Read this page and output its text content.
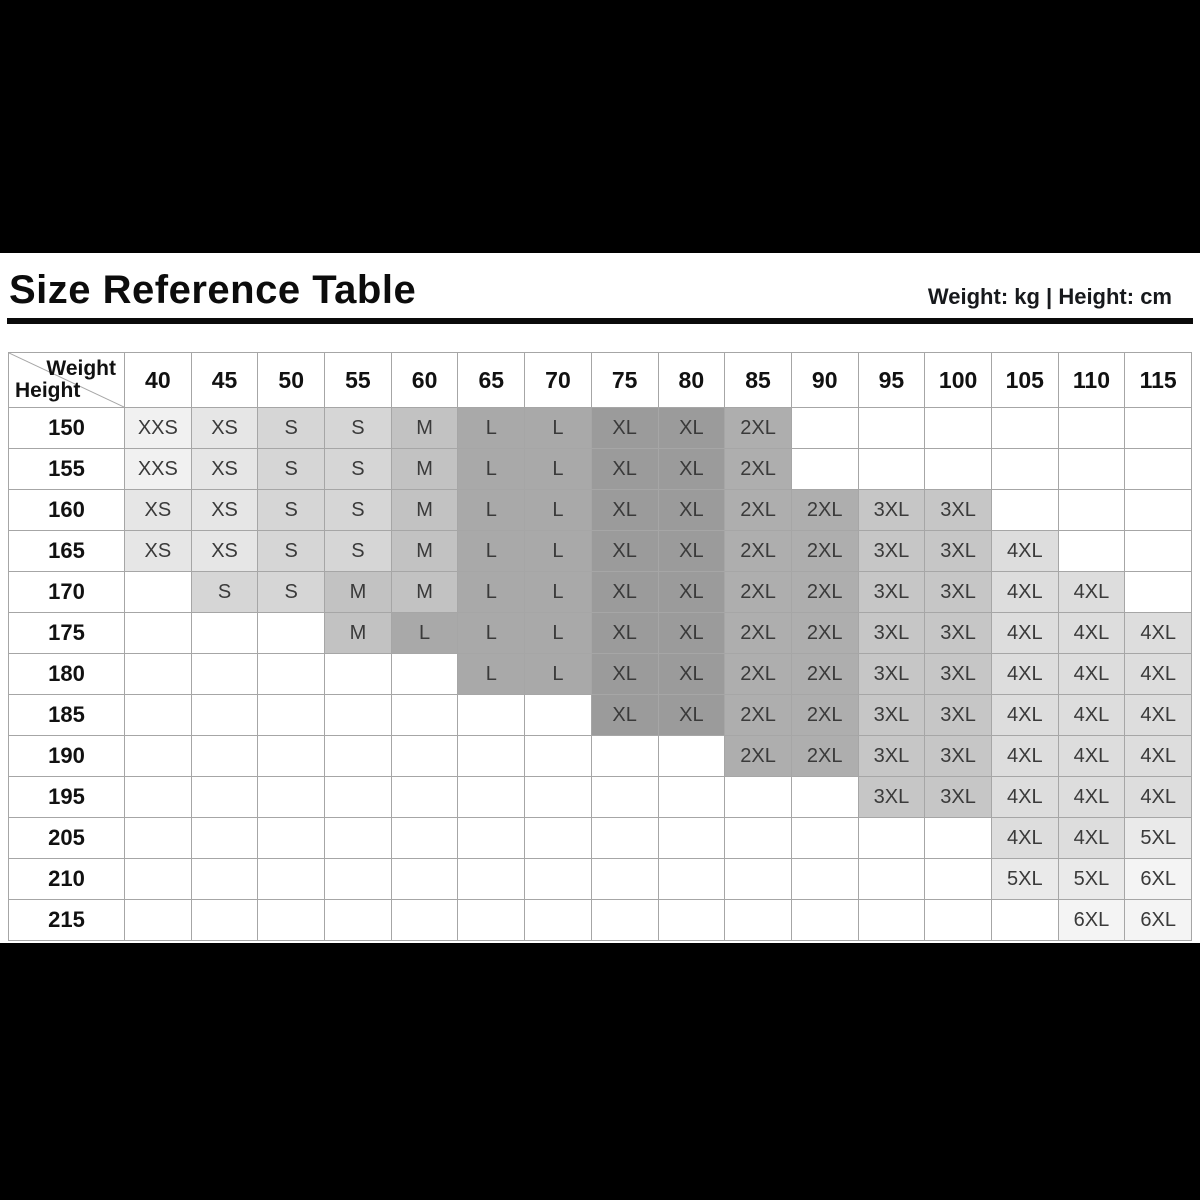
Size Reference Table	Weight: kg | Height: cm
Weight
Height	40	45	50	55	60	65	70	75	80	85	90	95	100	105	110	115
150	XXS	XS	S	S	M	L	L	XL	XL	2XL						
155	XXS	XS	S	S	M	L	L	XL	XL	2XL						
160	XS	XS	S	S	M	L	L	XL	XL	2XL	2XL	3XL	3XL			
165	XS	XS	S	S	M	L	L	XL	XL	2XL	2XL	3XL	3XL	4XL		
170		S	S	M	M	L	L	XL	XL	2XL	2XL	3XL	3XL	4XL	4XL	
175				M	L	L	L	XL	XL	2XL	2XL	3XL	3XL	4XL	4XL	4XL
180						L	L	XL	XL	2XL	2XL	3XL	3XL	4XL	4XL	4XL
185								XL	XL	2XL	2XL	3XL	3XL	4XL	4XL	4XL
190										2XL	2XL	3XL	3XL	4XL	4XL	4XL
195												3XL	3XL	4XL	4XL	4XL
205														4XL	4XL	5XL
210														5XL	5XL	6XL
215															6XL	6XL
